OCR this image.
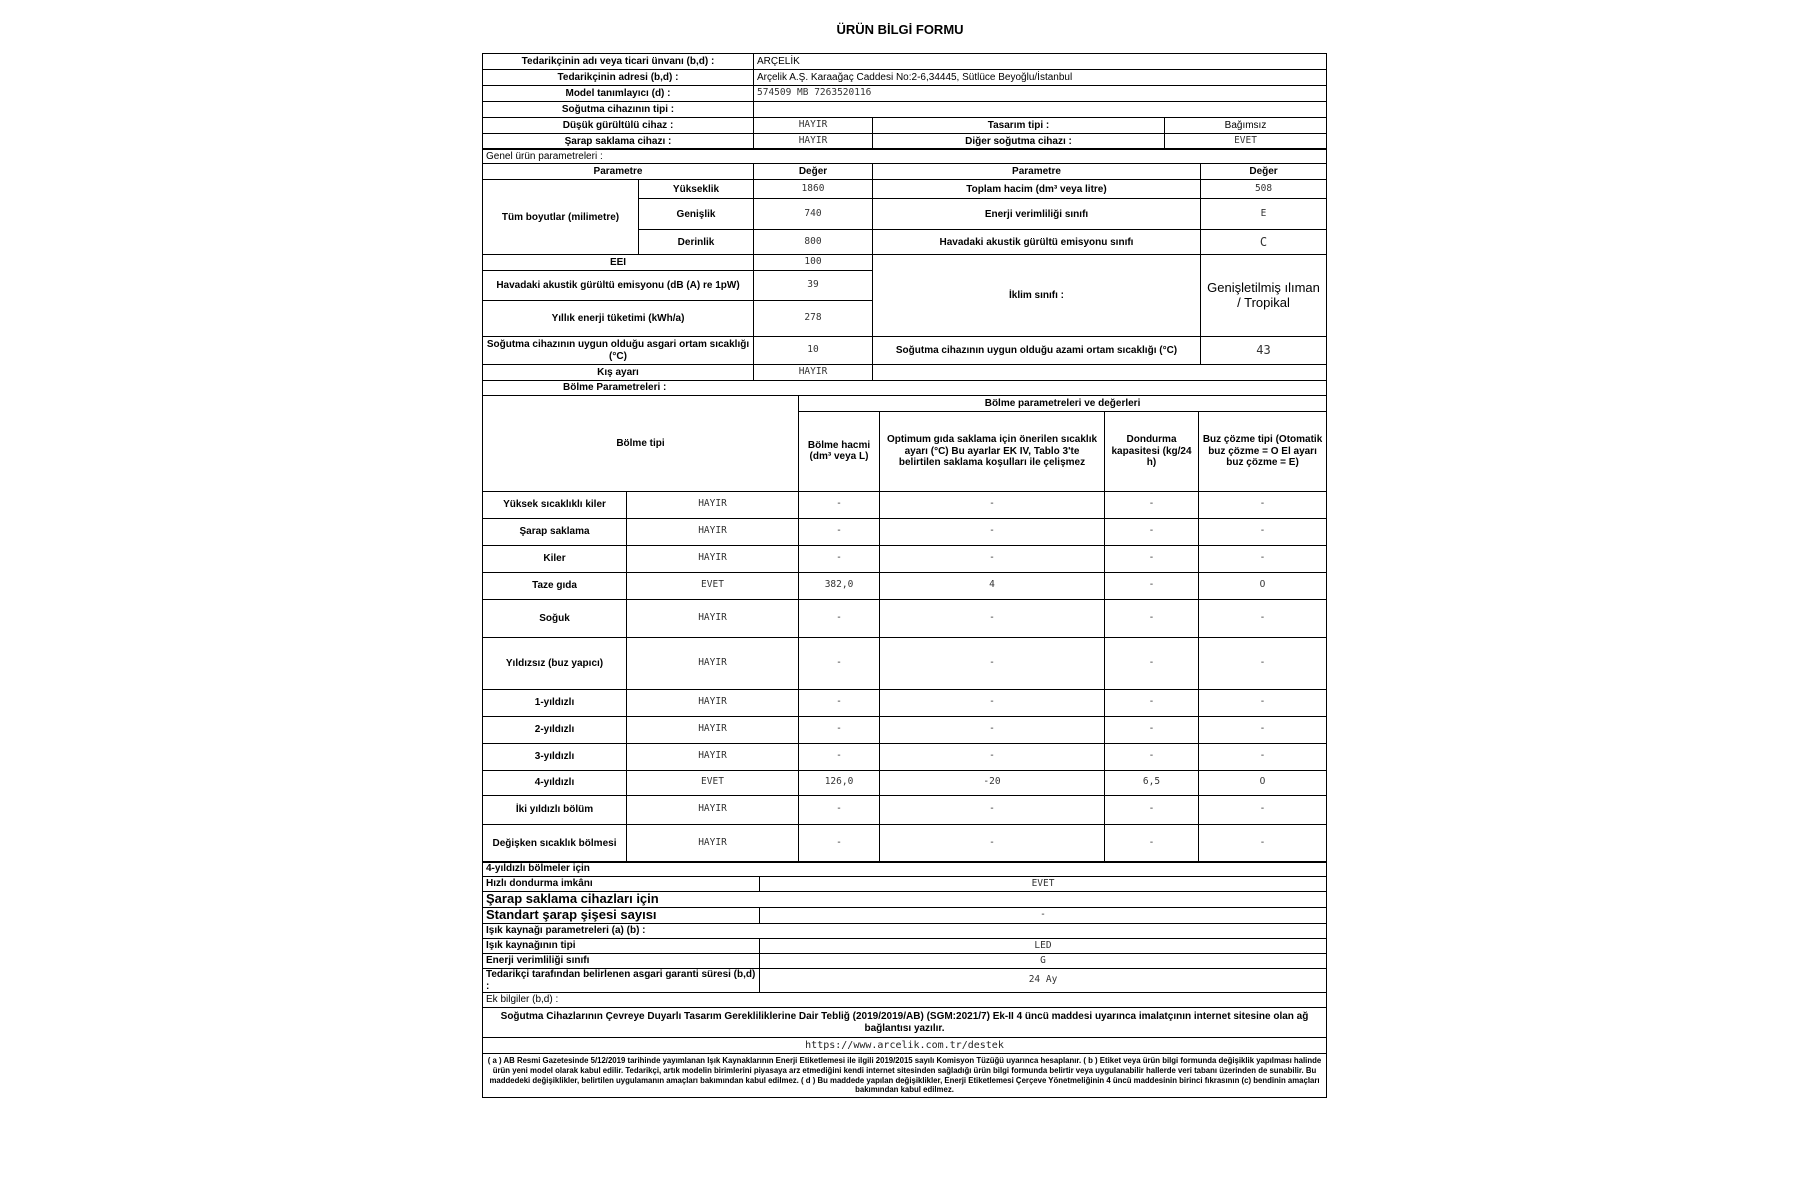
ÜRÜN BİLGİ FORMU
Tedarikçinin adı veya ticari ünvanı (b,d) :	ARÇELİK		
Tedarikçinin adresi (b,d) :	Arçelik A.Ş. Karaağaç Caddesi No:2-6,34445, Sütlüce Beyoğlu/İstanbul		
Model tanımlayıcı (d) :	574509 MB 7263520116		
Soğutma cihazının tipi :			
Düşük gürültülü cihaz :	HAYIR	Tasarım tipi :	Bağımsız
Şarap saklama cihazı :	HAYIR	Diğer soğutma cihazı :	EVET
Genel ürün parametreleri :				
Parametre		Değer	Parametre	Değer
Tüm boyutlar (milimetre)	Yükseklik	1860	Toplam hacim (dm³ veya litre)	508
	Genişlik	740	Enerji verimliliği sınıfı	E
	Derinlik	800	Havadaki akustik gürültü emisyonu sınıfı	C
EEI		100	İklim sınıfı :	Genişletilmiş ılıman / Tropikal
Havadaki akustik gürültü emisyonu (dB (A) re 1pW)		39		
Yıllık enerji tüketimi (kWh/a)		278		
Soğutma cihazının uygun olduğu asgari ortam sıcaklığı (°C)		10	Soğutma cihazının uygun olduğu azami ortam sıcaklığı (°C)	43
Kış ayarı		HAYIR		
Bölme Parametreleri :					
Bölme tipi		Bölme parametreleri ve değerleri			
		Bölme hacmi (dm³ veya L)	Optimum gıda saklama için önerilen sıcaklık ayarı (°C) Bu ayarlar EK IV, Tablo 3'te belirtilen saklama koşulları ile çelişmez	Dondurma kapasitesi (kg/24 h)	Buz çözme tipi (Otomatik buz çözme = O El ayarı buz çözme = E)
Yüksek sıcaklıklı kiler	HAYIR	-	-	-	-
Şarap saklama	HAYIR	-	-	-	-
Kiler	HAYIR	-	-	-	-
Taze gıda	EVET	382,0	4	-	O
Soğuk	HAYIR	-	-	-	-
Yıldızsız (buz yapıcı)	HAYIR	-	-	-	-
1-yıldızlı	HAYIR	-	-	-	-
2-yıldızlı	HAYIR	-	-	-	-
3-yıldızlı	HAYIR	-	-	-	-
4-yıldızlı	EVET	126,0	-20	6,5	O
İki yıldızlı bölüm	HAYIR	-	-	-	-
Değişken sıcaklık bölmesi	HAYIR	-	-	-	-
4-yıldızlı bölmeler için	
Hızlı dondurma imkânı	EVET
Şarap saklama cihazları için	
Standart şarap şişesi sayısı	-
Işık kaynağı parametreleri (a) (b) :	
Işık kaynağının tipi	LED
Enerji verimliliği sınıfı	G
Tedarikçi tarafından belirlenen asgari garanti süresi (b,d) :	24 Ay
Ek bilgiler (b,d) :	
Soğutma Cihazlarının Çevreye Duyarlı Tasarım Gerekliliklerine Dair Tebliğ (2019/2019/AB) (SGM:2021/7) Ek-II 4 üncü maddesi uyarınca imalatçının internet sitesine olan ağ bağlantısı yazılır.	
https://www.arcelik.com.tr/destek	
( a ) AB Resmi Gazetesinde 5/12/2019 tarihinde yayımlanan Işık Kaynaklarının Enerji Etiketlemesi ile ilgili 2019/2015 sayılı Komisyon Tüzüğü uyarınca hesaplanır. ( b ) Etiket veya ürün bilgi formunda değişiklik yapılması halinde ürün yeni model olarak kabul edilir. Tedarikçi, artık modelin birimlerini piyasaya arz etmediğini kendi internet sitesinden sağladığı ürün bilgi formunda belirtir veya uygulanabilir hallerde veri tabanı üzerinden de sunabilir. Bu maddedeki değişiklikler, belirtilen uygulamanın amaçları bakımından kabul edilmez. ( d ) Bu maddede yapılan değişiklikler, Enerji Etiketlemesi Çerçeve Yönetmeliğinin 4 üncü maddesinin birinci fıkrasının (c) bendinin amaçları bakımından kabul edilmez.	
